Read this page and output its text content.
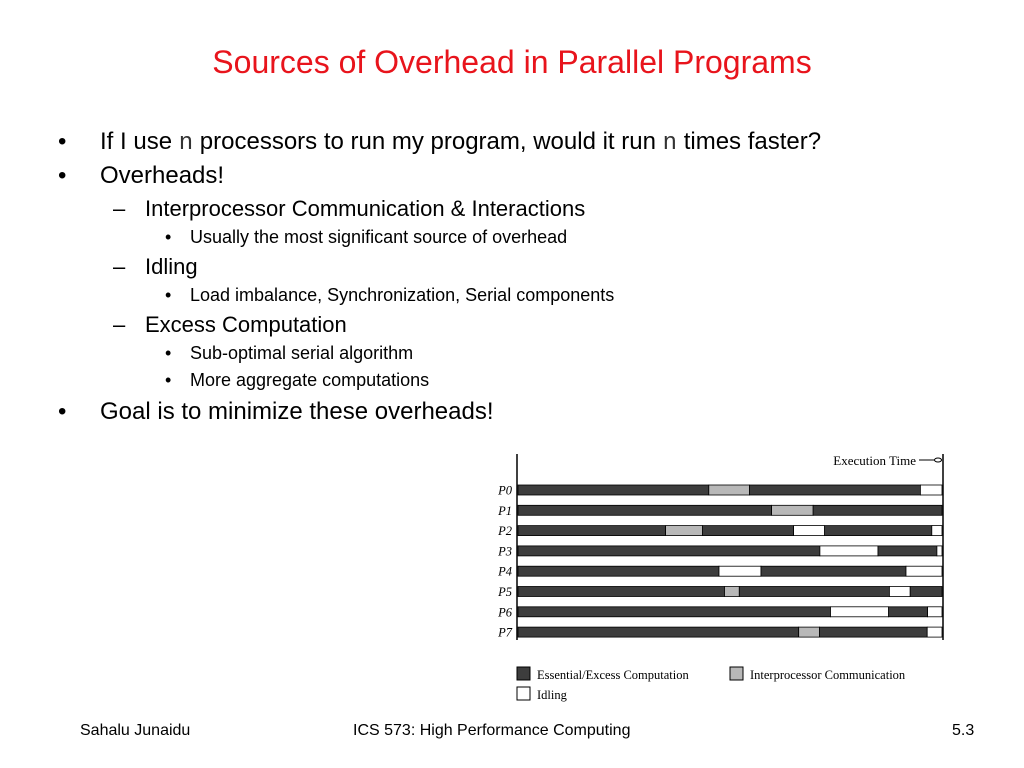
Sources of Overhead in Parallel Programs
• If I use n processors to run my program, would it run n times faster?
• Overheads!
– Interprocessor Communication & Interactions
• Usually the most significant source of overhead
– Idling
• Load imbalance, Synchronization, Serial components
– Excess Computation
• Sub-optimal serial algorithm
• More aggregate computations
• Goal is to minimize these overheads!
Execution Time
P0
P1
P2
P3
P4
P5
P6
P7
Essential/Excess Computation	Interprocessor Communication
Idling
Sahalu Junaidu	ICS 573: High Performance Computing	5.3
